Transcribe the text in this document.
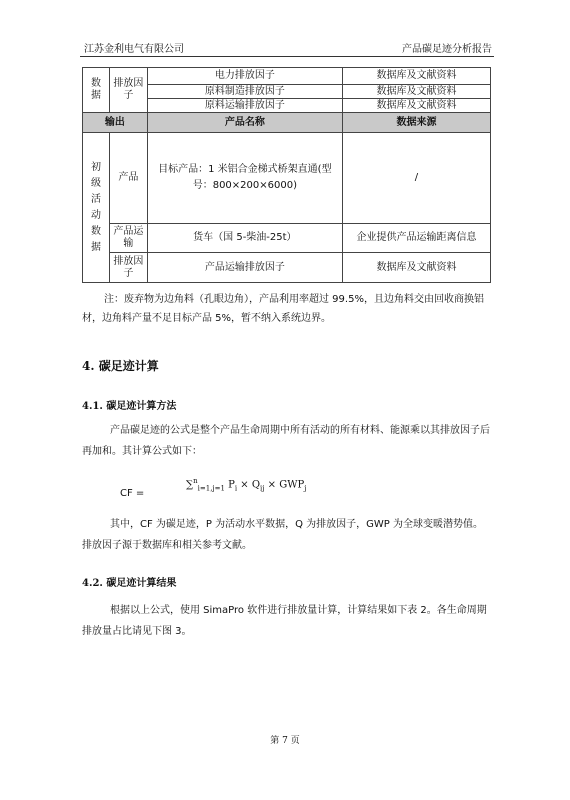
江苏金利电气有限公司	产品碳足迹分析报告
数据	排放因子	电力排放因子	数据库及文献资料
		原料制造排放因子	数据库及文献资料
		原料运输排放因子	数据库及文献资料
输出		产品名称	数据来源
初级活动数据	产品	目标产品：1 米铝合金梯式桥架直通(型号：800×200×6000)	/
	产品运输	货车（国 5-柴油-25t）	企业提供产品运输距离信息
	排放因子	产品运输排放因子	数据库及文献资料
注：废弃物为边角料（孔眼边角），产品利用率超过 99.5%，且边角料交由回收商换铝材，边角料产量不足目标产品 5%，暂不纳入系统边界。
4. 碳足迹计算
4.1. 碳足迹计算方法
产品碳足迹的公式是整个产品生命周期中所有活动的所有材料、能源乘以其排放因子后再加和。其计算公式如下：
CF =
∑$^n_{i=1,j=1}$ $P_i \times Q_{ij} \times GWP_j$
其中，CF 为碳足迹，P 为活动水平数据，Q 为排放因子，GWP 为全球变暖潜势值。排放因子源于数据库和相关参考文献。
4.2. 碳足迹计算结果
根据以上公式，使用 SimaPro 软件进行排放量计算，计算结果如下表 2。各生命周期排放量占比请见下图 3。
第 7 页
